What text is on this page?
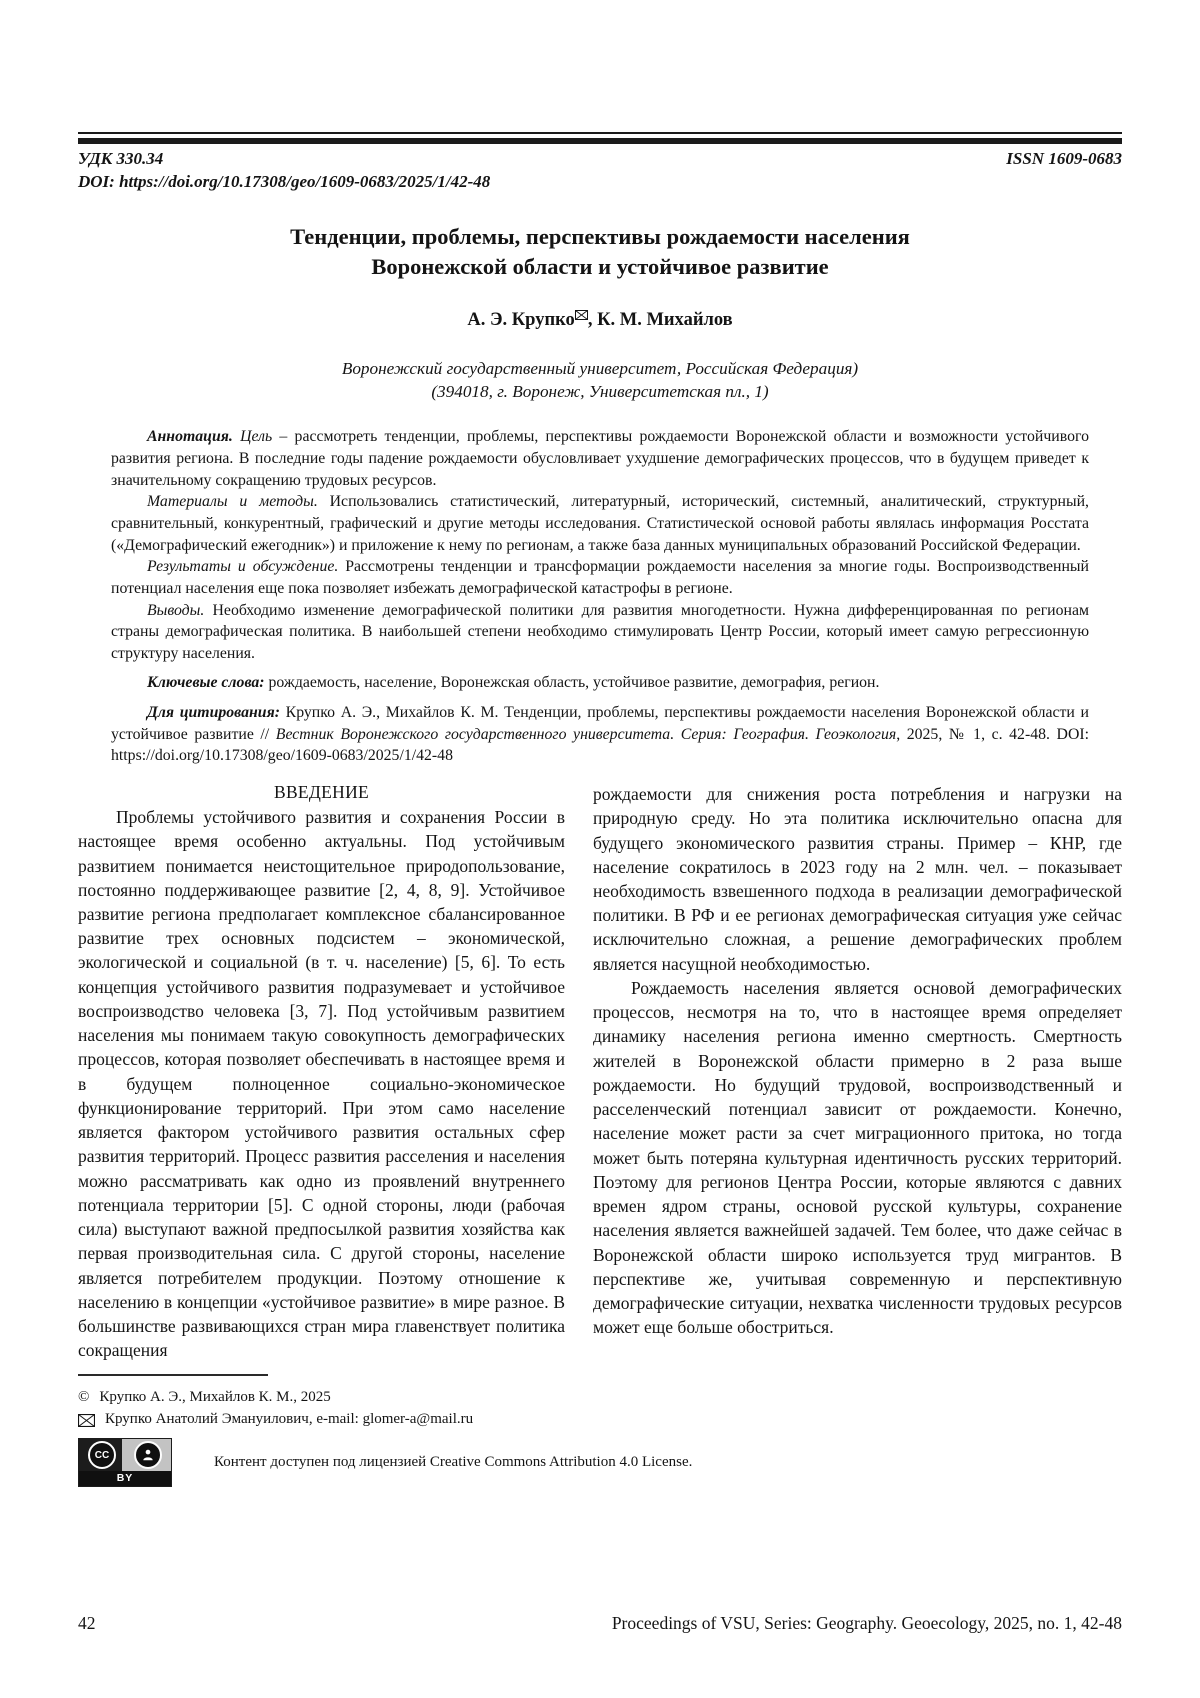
УДК 330.34	ISSN 1609-0683
DOI: https://doi.org/10.17308/geo/1609-0683/2025/1/42-48
Тенденции, проблемы, перспективы рождаемости населения
Воронежской области и устойчивое развитие
А. Э. Крупко , К. М. Михайлов
Воронежский государственный университет, Российская Федерация)
(394018, г. Воронеж, Университетская пл., 1)

Аннотация. Цель – рассмотреть тенденции, проблемы, перспективы рождаемости Воронежской области и возможности устойчивого развития региона. В последние годы падение рождаемости обусловливает ухудшение демографических процессов, что в будущем приведет к значительному сокращению трудовых ресурсов.

Материалы и методы. Использовались статистический, литературный, исторический, системный, аналитический, структурный, сравнительный, конкурентный, графический и другие методы исследования. Статистической основой работы являлась информация Росстата («Демографический ежегодник») и приложение к нему по регионам, а также база данных муниципальных образований Российской Федерации.

Результаты и обсуждение. Рассмотрены тенденции и трансформации рождаемости населения за многие годы. Воспроизводственный потенциал населения еще пока позволяет избежать демографической катастрофы в регионе.

Выводы. Необходимо изменение демографической политики для развития многодетности. Нужна дифференцированная по регионам страны демографическая политика. В наибольшей степени необходимо стимулировать Центр России, который имеет самую регрессионную структуру населения.

Ключевые слова: рождаемость, население, Воронежская область, устойчивое развитие, демография, регион.

Для цитирования: Крупко А. Э., Михайлов К. М. Тенденции, проблемы, перспективы рождаемости населения Воронежской области и устойчивое развитие // Вестник Воронежского государственного университета. Серия: География. Геоэкология, 2025, № 1, с. 42-48. DOI: https://doi.org/10.17308/geo/1609-0683/2025/1/42-48

ВВЕДЕНИЕ

Проблемы устойчивого развития и сохранения России в настоящее время особенно актуальны. Под устойчивым развитием понимается неистощительное природопользование, постоянно поддерживающее развитие [2, 4, 8, 9]. Устойчивое развитие региона предполагает комплексное сбалансированное развитие трех основных подсистем – экономической, экологической и социальной (в т. ч. население) [5, 6]. То есть концепция устойчивого развития подразумевает и устойчивое воспроизводство человека [3, 7]. Под устойчивым развитием населения мы понимаем такую совокупность демографических процессов, которая позволяет обеспечивать в настоящее время и в будущем полноценное социально-экономическое функционирование территорий. При этом само население является фактором устойчивого развития остальных сфер развития территорий. Процесс развития расселения и населения можно рассматривать как одно из проявлений внутреннего потенциала территории [5]. С одной стороны, люди (рабочая сила) выступают важной предпосылкой развития хозяйства как первая производительная сила. С другой стороны, население является потребителем продукции. Поэтому отношение к населению в концепции «устойчивое развитие» в мире разное. В большинстве развивающихся стран мира главенствует политика сокращения

рождаемости для снижения роста потребления и нагрузки на природную среду. Но эта политика исключительно опасна для будущего экономического развития страны. Пример – КНР, где население сократилось в 2023 году на 2 млн. чел. – показывает необходимость взвешенного подхода в реализации демографической политики. В РФ и ее регионах демографическая ситуация уже сейчас исключительно сложная, а решение демографических проблем является насущной необходимостью.

Рождаемость населения является основой демографических процессов, несмотря на то, что в настоящее время определяет динамику населения региона именно смертность. Смертность жителей в Воронежской области примерно в 2 раза выше рождаемости. Но будущий трудовой, воспроизводственный и расселенческий потенциал зависит от рождаемости. Конечно, население может расти за счет миграционного притока, но тогда может быть потеряна культурная идентичность русских территорий. Поэтому для регионов Центра России, которые являются с давних времен ядром страны, основой русской культуры, сохранение населения является важнейшей задачей. Тем более, что даже сейчас в Воронежской области широко используется труд мигрантов. В перспективе же, учитывая современную и перспективную демографические ситуации, нехватка численности трудовых ресурсов может еще больше обостриться.

© Крупко А. Э., Михайлов К. М., 2025
Крупко Анатолий Эмануилович, e-mail: glomer-a@mail.ru
CC
BY
Контент доступен под лицензией Creative Commons Attribution 4.0 License.
42	Proceedings of VSU, Series: Geography. Geoecology, 2025, no. 1, 42-48
